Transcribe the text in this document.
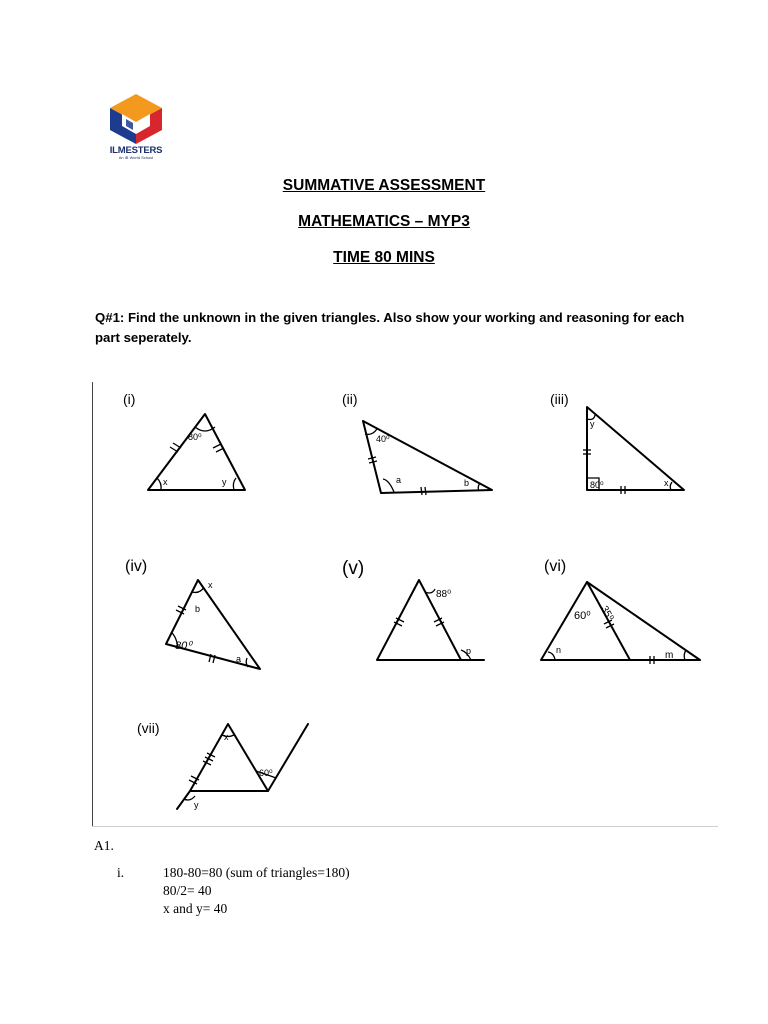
ILMESTERS
An IB World School
SUMMATIVE ASSESSMENT
MATHEMATICS – MYP3
TIME 80 MINS
Q#1: Find the unknown in the given triangles. Also show your working and reasoning for each part seperately.
(i)	(ii)	(iii)
(iv)	(v)	(vi)
(vii)
80⁰
x	y
40⁰
a	b	80⁰	x
y
x
b
80⁰
a
88⁰
p
60⁰ 35⁰
n	m
x
60⁰
y
A1.
i.	180-80=80 (sum of triangles=180)
80/2= 40
x and y= 40
